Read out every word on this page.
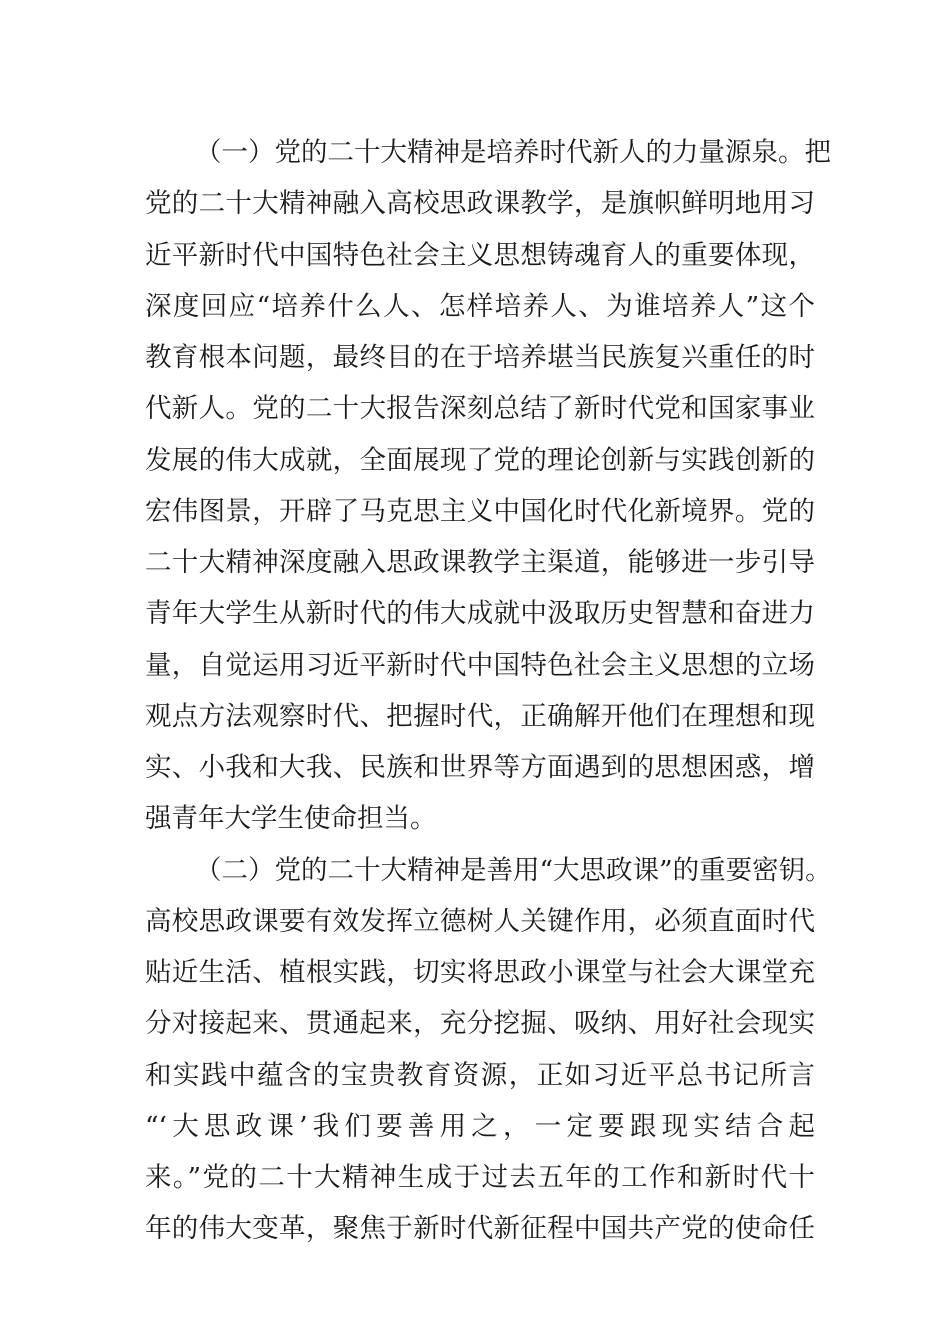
（一）党的二十大精神是培养时代新人的力量源泉。把
党的二十大精神融入高校思政课教学，是旗帜鲜明地用习
近平新时代中国特色社会主义思想铸魂育人的重要体现，
深度回应“培养什么人、怎样培养人、为谁培养人”这个
教育根本问题，最终目的在于培养堪当民族复兴重任的时
代新人。党的二十大报告深刻总结了新时代党和国家事业
发展的伟大成就，全面展现了党的理论创新与实践创新的
宏伟图景，开辟了马克思主义中国化时代化新境界。党的
二十大精神深度融入思政课教学主渠道，能够进一步引导
青年大学生从新时代的伟大成就中汲取历史智慧和奋进力
量，自觉运用习近平新时代中国特色社会主义思想的立场
观点方法观察时代、把握时代，正确解开他们在理想和现
实、小我和大我、民族和世界等方面遇到的思想困惑，增
强青年大学生使命担当。
（二）党的二十大精神是善用“大思政课”的重要密钥。
高校思政课要有效发挥立德树人关键作用，必须直面时代
贴近生活、植根实践，切实将思政小课堂与社会大课堂充
分对接起来、贯通起来，充分挖掘、吸纳、用好社会现实
和实践中蕴含的宝贵教育资源，正如习近平总书记所言
“‘大思政课’我们要善用之，一定要跟现实结合起
来。”党的二十大精神生成于过去五年的工作和新时代十
年的伟大变革，聚焦于新时代新征程中国共产党的使命任
